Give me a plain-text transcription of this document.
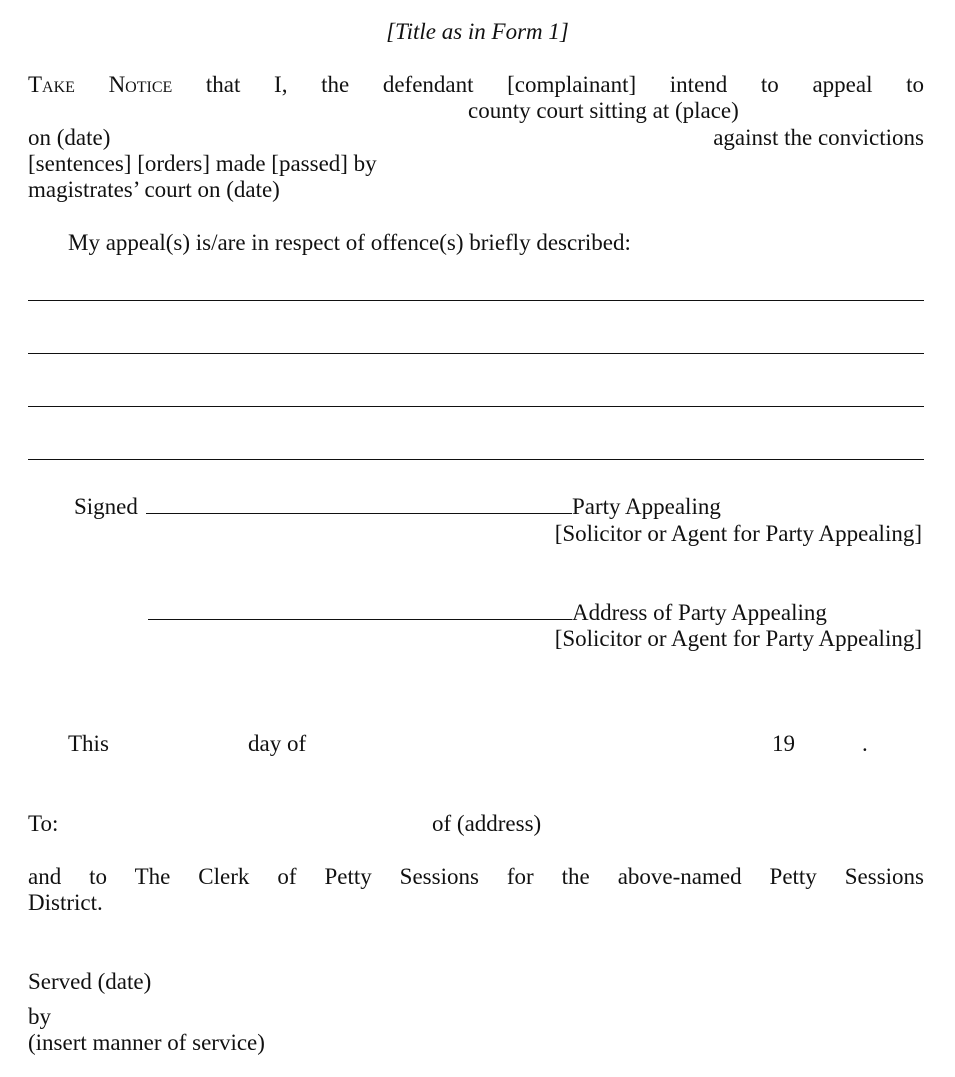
[Title as in Form 1]
Take Notice that I, the defendant [complainant] intend to appeal to
county court sitting at (place)
on (date)	against the convictions
[sentences] [orders] made [passed] by
magistrates’ court on (date)
My appeal(s) is/are in respect of offence(s) briefly described:
Signed	Party Appealing
[Solicitor or Agent for Party Appealing]
Address of Party Appealing
[Solicitor or Agent for Party Appealing]
This	day of	19	.
To:	of (address)
and to The Clerk of Petty Sessions for the above-named Petty Sessions
District.
Served (date)
by
(insert manner of service)
